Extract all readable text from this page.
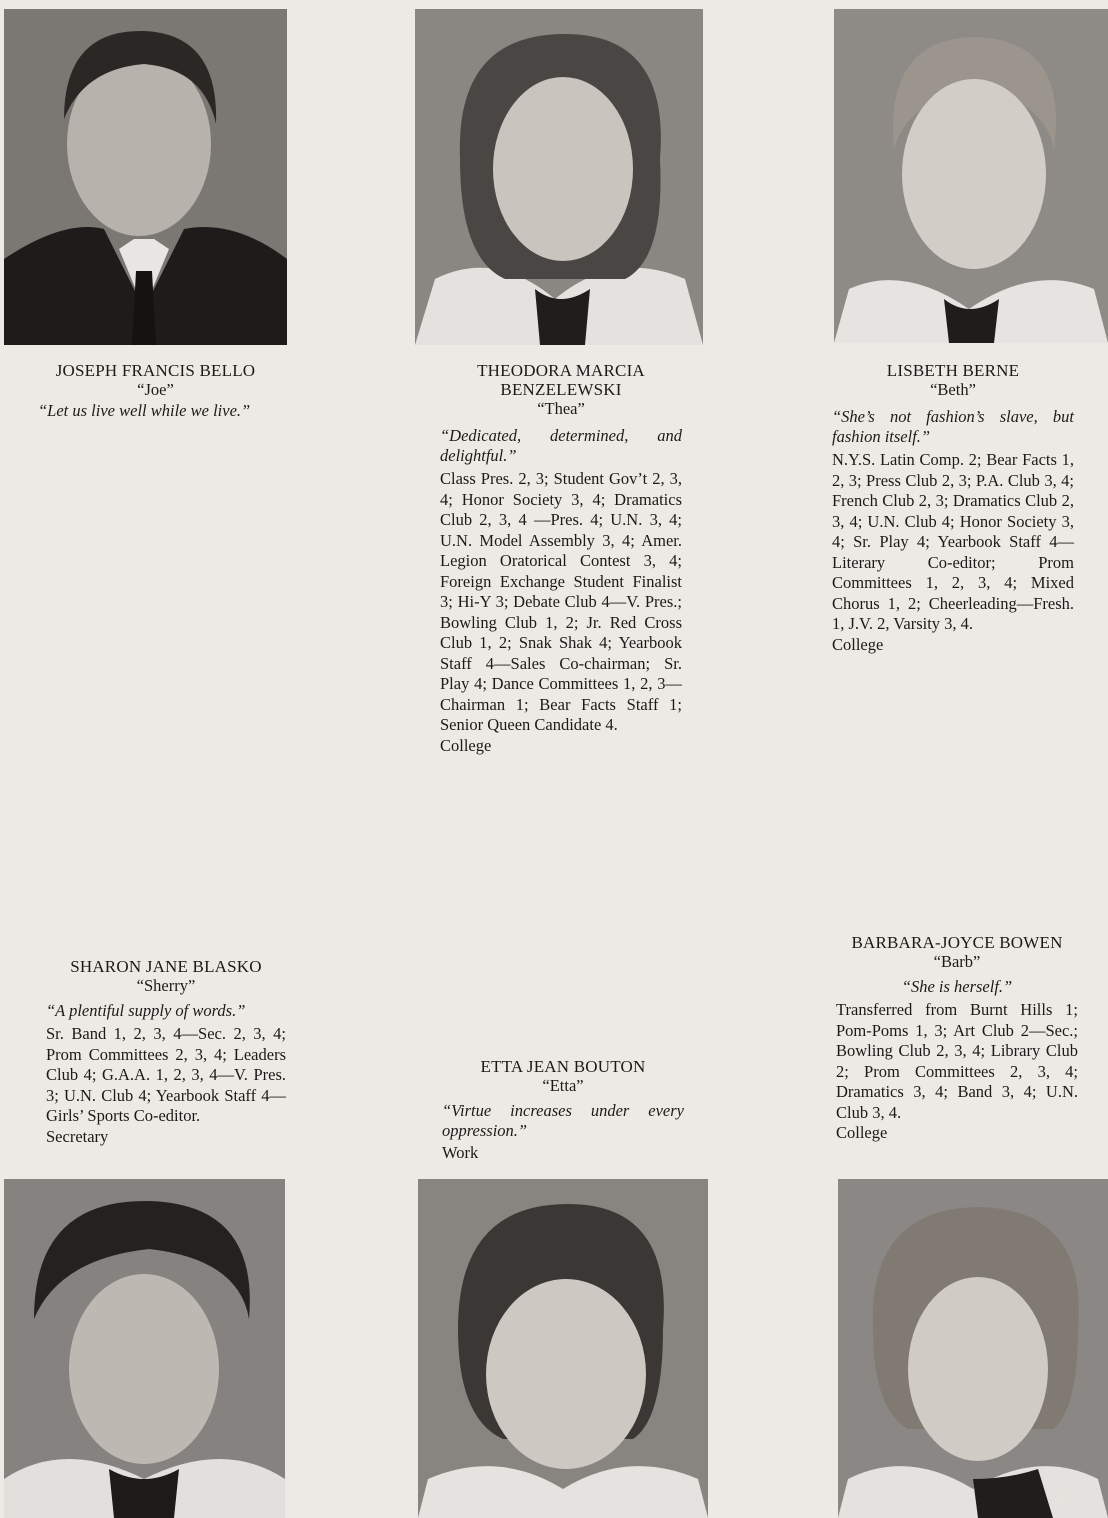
JOSEPH FRANCIS BELLO
“Joe”
“Let us live well while we live.”
THEODORA MARCIA
BENZELEWSKI
“Thea”
“Dedicated, determined, and delightful.”
Class Pres. 2, 3; Student Gov’t 2, 3, 4; Honor Society 3, 4; Dramatics Club 2, 3, 4 —Pres. 4; U.N. 3, 4; U.N. Model Assembly 3, 4; Amer. Legion Oratorical Contest 3, 4; Foreign Exchange Student Finalist 3; Hi-Y 3; Debate Club 4—V. Pres.; Bowling Club 1, 2; Jr. Red Cross Club 1, 2; Snak Shak 4; Yearbook Staff 4—Sales Co-chairman; Sr. Play 4; Dance Committees 1, 2, 3—Chairman 1; Bear Facts Staff 1; Senior Queen Candidate 4.
College
LISBETH BERNE
“Beth”
“She’s not fashion’s slave, but fashion itself.”
N.Y.S. Latin Comp. 2; Bear Facts 1, 2, 3; Press Club 2, 3; P.A. Club 3, 4; French Club 2, 3; Dramatics Club 2, 3, 4; U.N. Club 4; Honor Society 3, 4; Sr. Play 4; Yearbook Staff 4—Literary Co-editor; Prom Committees 1, 2, 3, 4; Mixed Chorus 1, 2; Cheerleading—Fresh. 1, J.V. 2, Varsity 3, 4.
College
SHARON JANE BLASKO
“Sherry”
“A plentiful supply of words.”
Sr. Band 1, 2, 3, 4—Sec. 2, 3, 4; Prom Committees 2, 3, 4; Leaders Club 4; G.A.A. 1, 2, 3, 4—V. Pres. 3; U.N. Club 4; Yearbook Staff 4— Girls’ Sports Co-editor.
Secretary
ETTA JEAN BOUTON
“Etta”
“Virtue increases under every oppression.”
Work
BARBARA-JOYCE BOWEN
“Barb”
“She is herself.”
Transferred from Burnt Hills 1; Pom-Poms 1, 3; Art Club 2—Sec.; Bowling Club 2, 3, 4; Library Club 2; Prom Committees 2, 3, 4; Dramatics 3, 4; Band 3, 4; U.N. Club 3, 4.
College
21
